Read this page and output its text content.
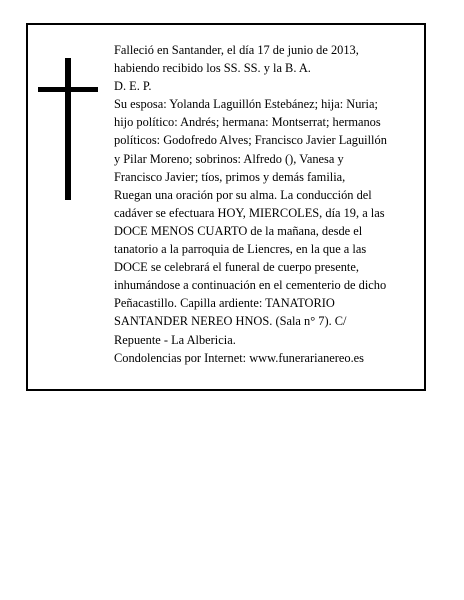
Falleció en Santander, el día 17 de junio de 2013,
habiendo recibido los SS. SS. y la B. A.
D. E. P.
Su esposa: Yolanda Laguillón Estebánez; hija: Nuria;
hijo político: Andrés; hermana: Montserrat; hermanos
políticos: Godofredo Alves; Francisco Javier Laguillón
y Pilar Moreno; sobrinos: Alfredo (), Vanesa y
Francisco Javier; tíos, primos y demás familia,
Ruegan una oración por su alma. La conducción del
cadáver se efectuara HOY, MIERCOLES, día 19, a las
DOCE MENOS CUARTO de la mañana, desde el
tanatorio a la parroquia de Liencres, en la que a las
DOCE se celebrará el funeral de cuerpo presente,
inhumándose a continuación en el cementerio de dicho
Peñacastillo. Capilla ardiente: TANATORIO
SANTANDER NEREO HNOS. (Sala n° 7). C/
Repuente - La Albericia.
Condolencias por Internet: www.funerarianereo.es
